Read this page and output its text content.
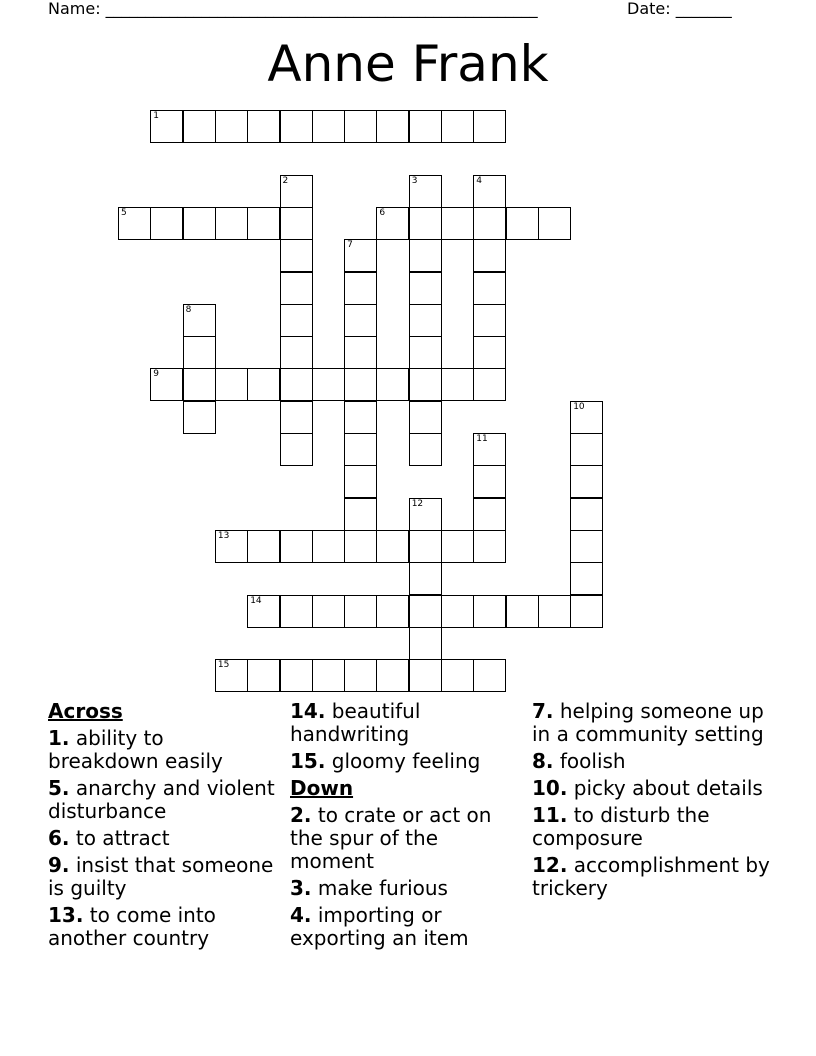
Name: ______________________________________________________	Date: _______
Anne Frank
1
5	6
9
13
14
15
2	3	4
7
8
10
11
12
Across
1. ability to breakdown easily
5. anarchy and violent disturbance
6. to attract
9. insist that someone is guilty
13. to come into another country
14. beautiful handwriting
15. gloomy feeling
Down
2. to crate or act on the spur of the moment
3. make furious
4. importing or exporting an item
7. helping someone up in a community setting
8. foolish
10. picky about details
11. to disturb the composure
12. accomplishment by trickery
